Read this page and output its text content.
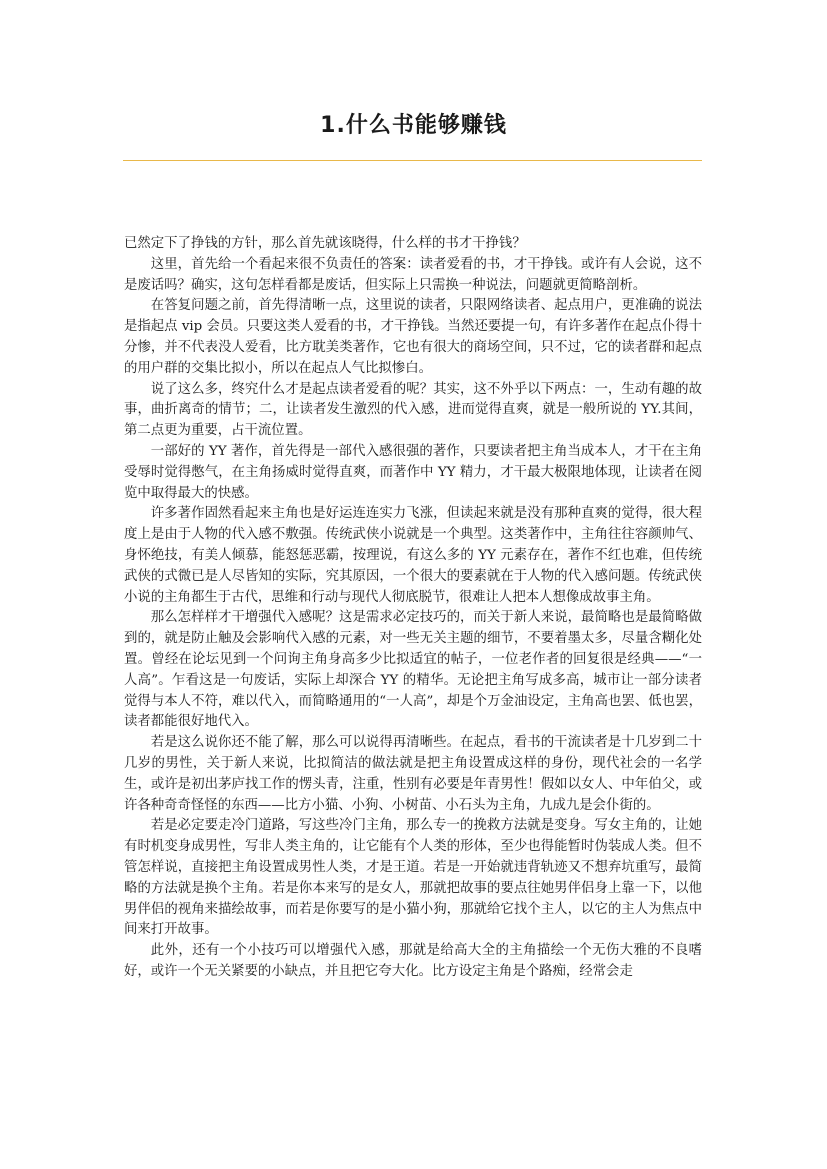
1.什么书能够赚钱

已然定下了挣钱的方针，那么首先就该晓得，什么样的书才干挣钱？

这里，首先给一个看起来很不负责任的答案：读者爱看的书，才干挣钱。或许有人会说，这不是废话吗？确实，这句怎样看都是废话，但实际上只需换一种说法，问题就更简略剖析。

在答复问题之前，首先得清晰一点，这里说的读者，只限网络读者、起点用户，更准确的说法是指起点 vip 会员。只要这类人爱看的书，才干挣钱。当然还要提一句，有许多著作在起点仆得十分惨，并不代表没人爱看，比方耽美类著作，它也有很大的商场空间，只不过，它的读者群和起点的用户群的交集比拟小，所以在起点人气比拟惨白。

说了这么多，终究什么才是起点读者爱看的呢？其实，这不外乎以下两点：一，生动有趣的故事，曲折离奇的情节；二，让读者发生激烈的代入感，进而觉得直爽，就是一般所说的 YY.其间，第二点更为重要，占干流位置。

一部好的 YY 著作，首先得是一部代入感很强的著作，只要读者把主角当成本人，才干在主角受辱时觉得憋气，在主角扬威时觉得直爽，而著作中 YY 精力，才干最大极限地体现，让读者在阅览中取得最大的快感。

许多著作固然看起来主角也是好运连连实力飞涨，但读起来就是没有那种直爽的觉得，很大程度上是由于人物的代入感不敷强。传统武侠小说就是一个典型。这类著作中，主角往往容颜帅气、身怀绝技，有美人倾慕，能怒惩恶霸，按理说，有这么多的 YY 元素存在，著作不红也难，但传统武侠的式微已是人尽皆知的实际，究其原因，一个很大的要素就在于人物的代入感问题。传统武侠小说的主角都生于古代，思维和行动与现代人彻底脱节，很难让人把本人想像成故事主角。

那么怎样样才干增强代入感呢？这是需求必定技巧的，而关于新人来说，最简略也是最简略做到的，就是防止触及会影响代入感的元素，对一些无关主题的细节，不要着墨太多，尽量含糊化处置。曾经在论坛见到一个问询主角身高多少比拟适宜的帖子，一位老作者的回复很是经典——“一人高”。乍看这是一句废话，实际上却深合 YY 的精华。无论把主角写成多高，城市让一部分读者觉得与本人不符，难以代入，而简略通用的“一人高”，却是个万金油设定，主角高也罢、低也罢，读者都能很好地代入。

若是这么说你还不能了解，那么可以说得再清晰些。在起点，看书的干流读者是十几岁到二十几岁的男性，关于新人来说，比拟简洁的做法就是把主角设置成这样的身份，现代社会的一名学生，或许是初出茅庐找工作的愣头青，注重，性别有必要是年青男性！假如以女人、中年伯父，或许各种奇奇怪怪的东西——比方小猫、小狗、小树苗、小石头为主角，九成九是会仆街的。

若是必定要走冷门道路，写这些冷门主角，那么专一的挽救方法就是变身。写女主角的，让她有时机变身成男性，写非人类主角的，让它能有个人类的形体，至少也得能暂时伪装成人类。但不管怎样说，直接把主角设置成男性人类，才是王道。若是一开始就违背轨迹又不想弃坑重写，最简略的方法就是换个主角。若是你本来写的是女人，那就把故事的要点往她男伴侣身上靠一下，以他男伴侣的视角来描绘故事，而若是你要写的是小猫小狗，那就给它找个主人，以它的主人为焦点中间来打开故事。

此外，还有一个小技巧可以增强代入感，那就是给高大全的主角描绘一个无伤大雅的不良嗜好，或许一个无关紧要的小缺点，并且把它夸大化。比方设定主角是个路痴，经常会走
